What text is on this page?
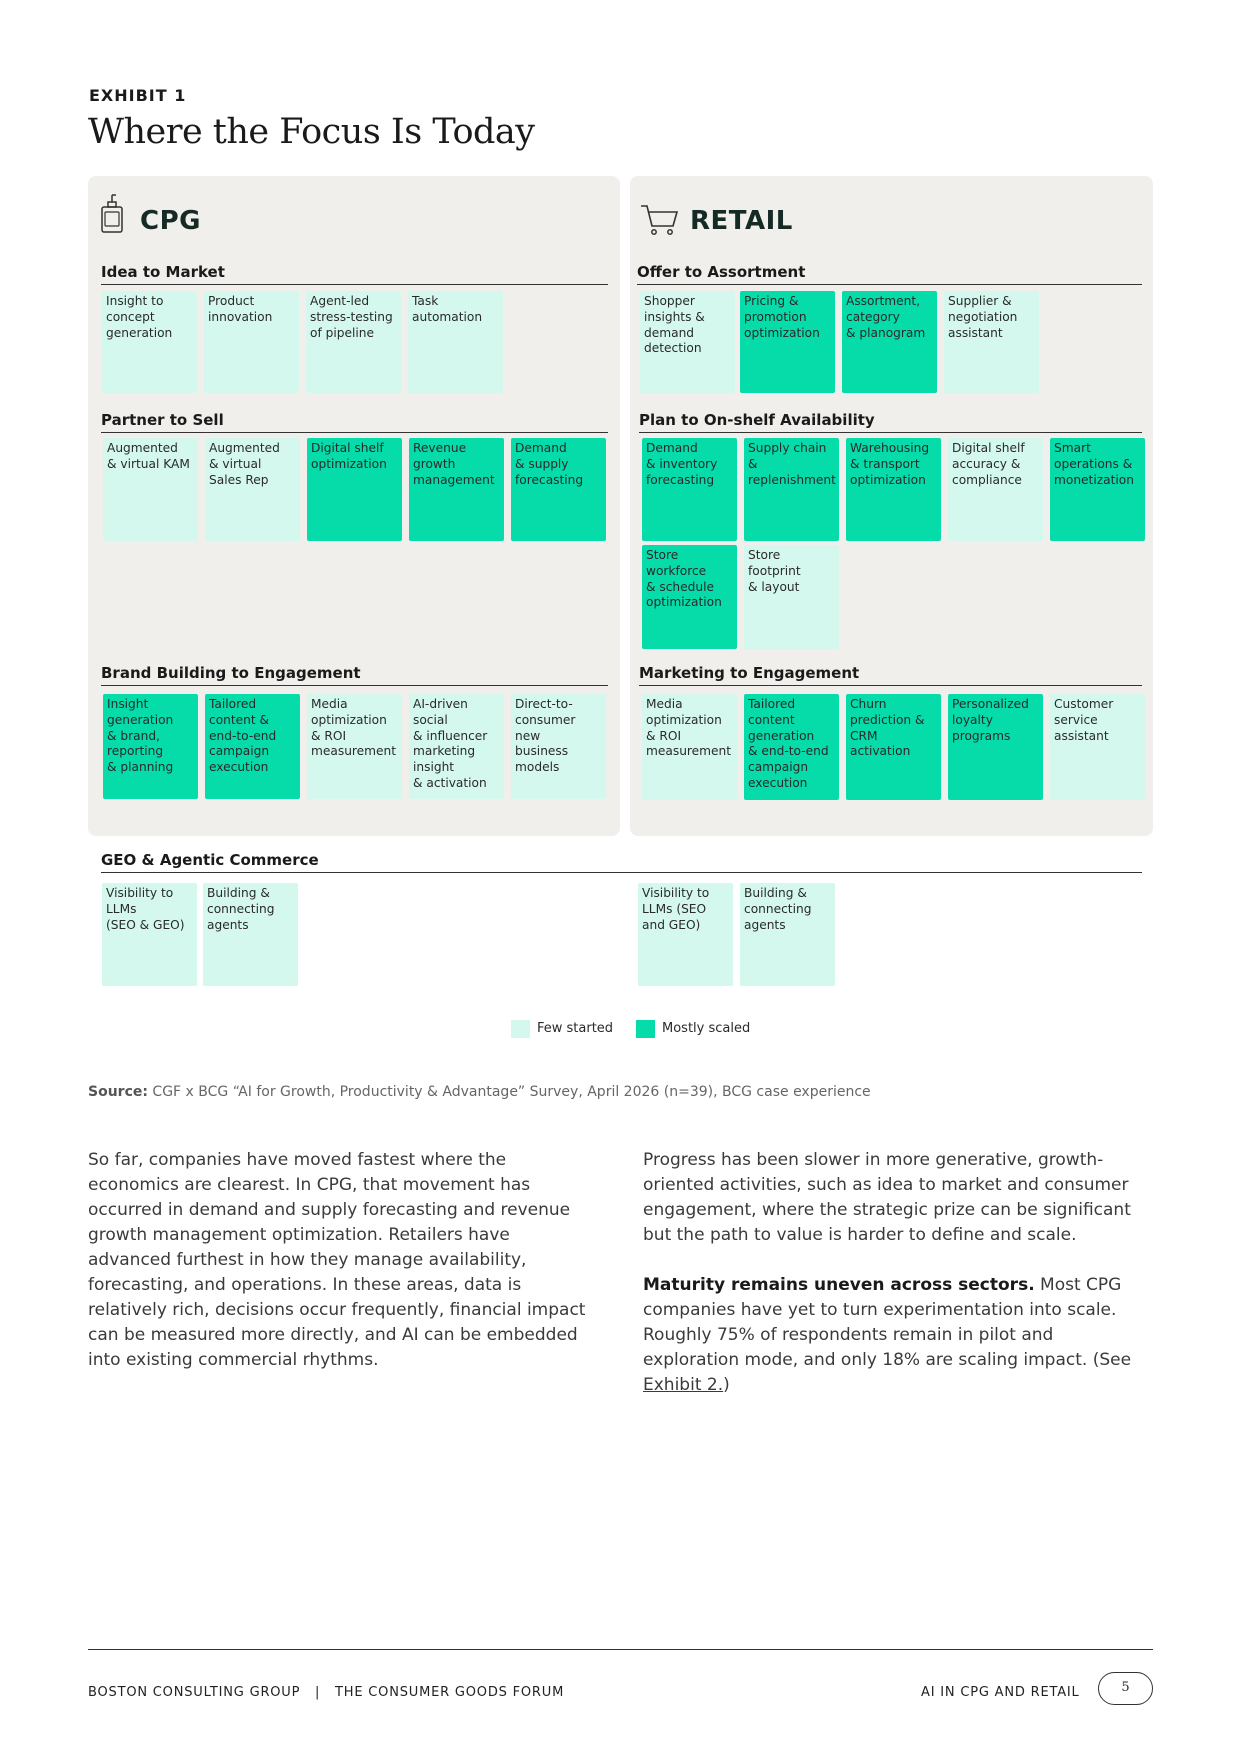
EXHIBIT 1
Where the Focus Is Today
CPG	RETAIL
Idea to Market
Partner to Sell
Brand Building to Engagement
GEO & Agentic Commerce
Offer to Assortment
Plan to On-shelf Availability
Marketing to Engagement
Insight to
concept
generation
Product
innovation
Agent-led
stress-testing
of pipeline
Task
automation
Augmented
& virtual KAM
Augmented
& virtual
Sales Rep
Digital shelf
optimization
Revenue
growth
management
Demand
& supply
forecasting
Insight
generation
& brand,
reporting
& planning
Tailored
content &
end-to-end
campaign
execution
Media
optimization
& ROI
measurement
AI-driven social
& influencer
marketing
insight
& activation
Direct-to-
consumer new
business
models
Visibility to
LLMs
(SEO & GEO)
Building &
connecting
agents
Shopper
insights &
demand
detection
Pricing &
promotion
optimization
Assortment,
category
& planogram
Supplier &
negotiation
assistant
Demand
& inventory
forecasting
Supply chain
&
replenishment
Warehousing
& transport
optimization
Digital shelf
accuracy &
compliance
Smart
operations &
monetization
Store
workforce
& schedule
optimization
Store footprint
& layout
Media
optimization
& ROI
measurement
Tailored
content
generation
& end-to-end
campaign
execution
Churn
prediction &
CRM
activation
Personalized
loyalty
programs
Customer
service
assistant
Visibility to
LLMs (SEO
and GEO)
Building &
connecting
agents
Few started	Mostly scaled
Source: CGF x BCG “AI for Growth, Productivity & Advantage” Survey, April 2026 (n=39), BCG case experience

So far, companies have moved fastest where the economics are clearest. In CPG, that movement has occurred in demand and supply forecasting and revenue growth management optimization. Retailers have advanced furthest in how they manage availability, forecasting, and operations. In these areas, data is relatively rich, decisions occur frequently, financial impact can be measured more directly, and AI can be embedded into existing commercial rhythms.

Progress has been slower in more generative, growth-oriented activities, such as idea to market and consumer engagement, where the strategic prize can be significant but the path to value is harder to define and scale.

Maturity remains uneven across sectors. Most CPG companies have yet to turn experimentation into scale. Roughly 75% of respondents remain in pilot and exploration mode, and only 18% are scaling impact. (See Exhibit 2.)

BOSTON CONSULTING GROUP   |   THE CONSUMER GOODS FORUM	AI IN CPG AND RETAIL	5
